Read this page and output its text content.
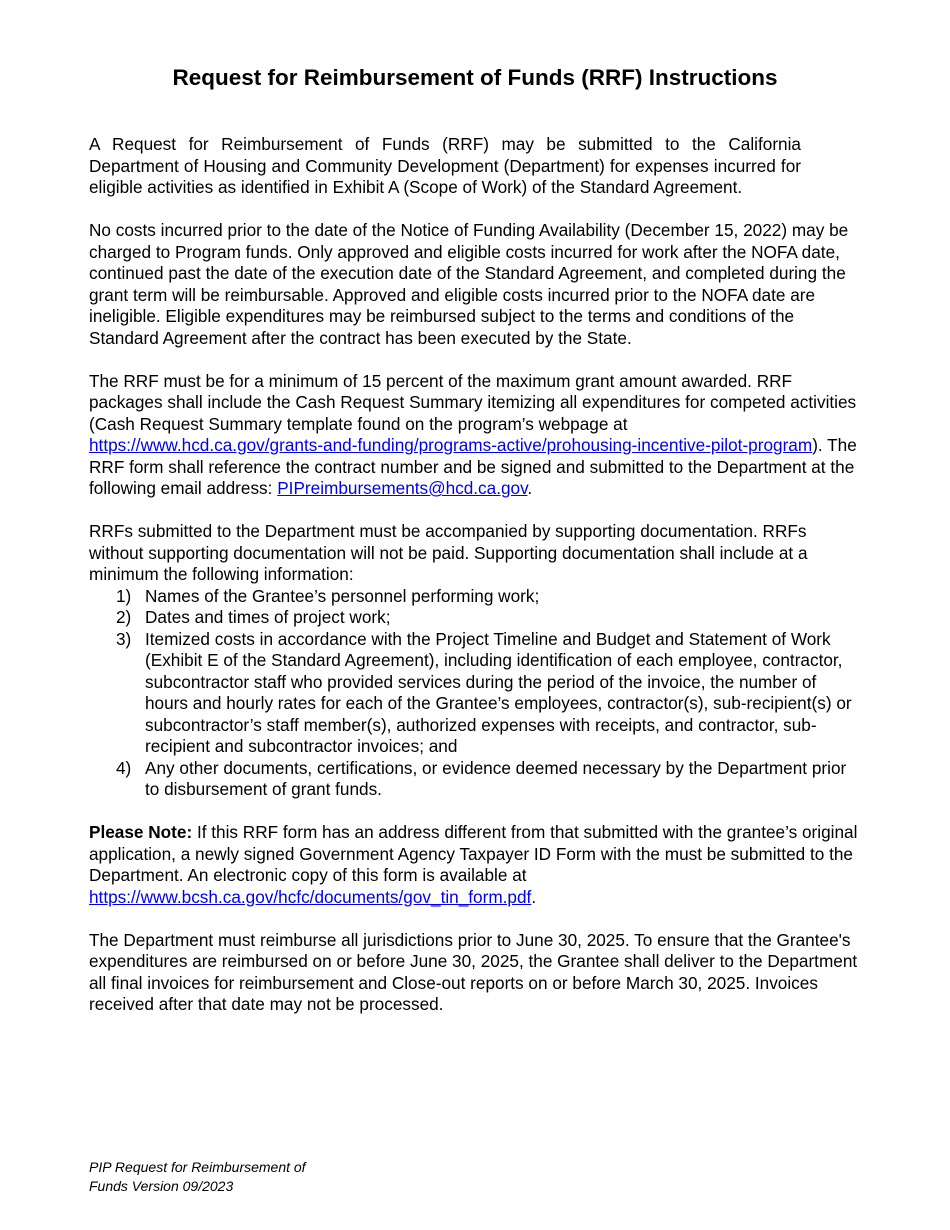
Request for Reimbursement of Funds (RRF) Instructions

A Request for Reimbursement of Funds (RRF) may be submitted to the California Department of Housing and Community Development (Department) for expenses incurred for eligible activities as identified in Exhibit A (Scope of Work) of the Standard Agreement.

No costs incurred prior to the date of the Notice of Funding Availability (December 15, 2022) may be charged to Program funds. Only approved and eligible costs incurred for work after the NOFA date, continued past the date of the execution date of the Standard Agreement, and completed during the grant term will be reimbursable. Approved and eligible costs incurred prior to the NOFA date are ineligible. Eligible expenditures may be reimbursed subject to the terms and conditions of the Standard Agreement after the contract has been executed by the State.

The RRF must be for a minimum of 15 percent of the maximum grant amount awarded. RRF packages shall include the Cash Request Summary itemizing all expenditures for competed activities (Cash Request Summary template found on the program’s webpage at https://www.hcd.ca.gov/grants-and-funding/programs-active/prohousing-incentive-pilot-program). The RRF form shall reference the contract number and be signed and submitted to the Department at the following email address: PIPreimbursements@hcd.ca.gov.

RRFs submitted to the Department must be accompanied by supporting documentation. RRFs without supporting documentation will not be paid. Supporting documentation shall include at a minimum the following information:

1) Names of the Grantee’s personnel performing work;
2) Dates and times of project work;
3) Itemized costs in accordance with the Project Timeline and Budget and Statement of Work (Exhibit E of the Standard Agreement), including identification of each employee, contractor, subcontractor staff who provided services during the period of the invoice, the number of hours and hourly rates for each of the Grantee’s employees, contractor(s), sub-recipient(s) or subcontractor’s staff member(s), authorized expenses with receipts, and contractor, sub-recipient and subcontractor invoices; and
4) Any other documents, certifications, or evidence deemed necessary by the Department prior to disbursement of grant funds.

Please Note: If this RRF form has an address different from that submitted with the grantee’s original application, a newly signed Government Agency Taxpayer ID Form with the must be submitted to the Department. An electronic copy of this form is available at https://www.bcsh.ca.gov/hcfc/documents/gov_tin_form.pdf.

The Department must reimburse all jurisdictions prior to June 30, 2025. To ensure that the Grantee's expenditures are reimbursed on or before June 30, 2025, the Grantee shall deliver to the Department all final invoices for reimbursement and Close-out reports on or before March 30, 2025. Invoices received after that date may not be processed.

PIP Request for Reimbursement of
Funds Version 09/2023
